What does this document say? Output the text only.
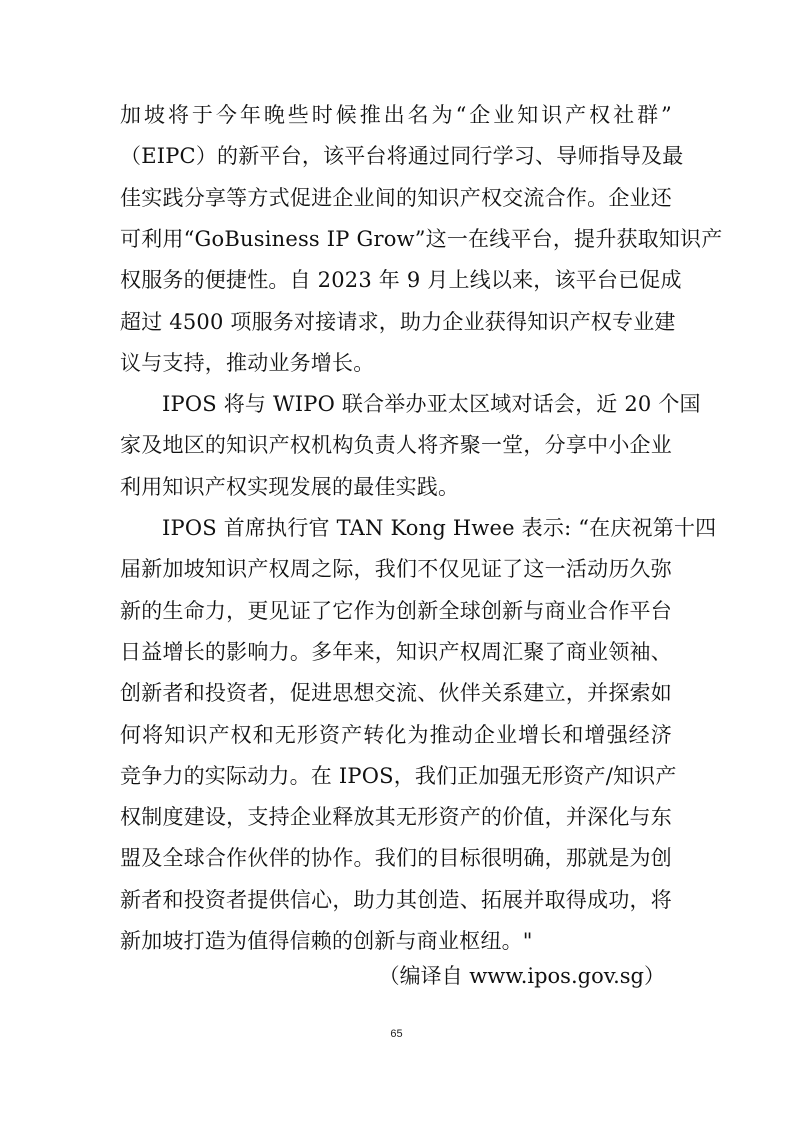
加坡将于今年晚些时候推出名为“企业知识产权社群”
（EIPC）的新平台，该平台将通过同行学习、导师指导及最
佳实践分享等方式促进企业间的知识产权交流合作。企业还
可利用“GoBusiness IP Grow”这一在线平台，提升获取知识产
权服务的便捷性。自 2023 年 9 月上线以来，该平台已促成
超过 4500 项服务对接请求，助力企业获得知识产权专业建
议与支持，推动业务增长。
IPOS 将与 WIPO 联合举办亚太区域对话会，近 20 个国
家及地区的知识产权机构负责人将齐聚一堂，分享中小企业
利用知识产权实现发展的最佳实践。
IPOS 首席执行官 TAN Kong Hwee 表示: “在庆祝第十四
届新加坡知识产权周之际，我们不仅见证了这一活动历久弥
新的生命力，更见证了它作为创新全球创新与商业合作平台
日益增长的影响力。多年来，知识产权周汇聚了商业领袖、
创新者和投资者，促进思想交流、伙伴关系建立，并探索如
何将知识产权和无形资产转化为推动企业增长和增强经济
竞争力的实际动力。在 IPOS，我们正加强无形资产/知识产
权制度建设，支持企业释放其无形资产的价值，并深化与东
盟及全球合作伙伴的协作。我们的目标很明确，那就是为创
新者和投资者提供信心，助力其创造、拓展并取得成功，将
新加坡打造为值得信赖的创新与商业枢纽。"
（编译自 www.ipos.gov.sg）
65
